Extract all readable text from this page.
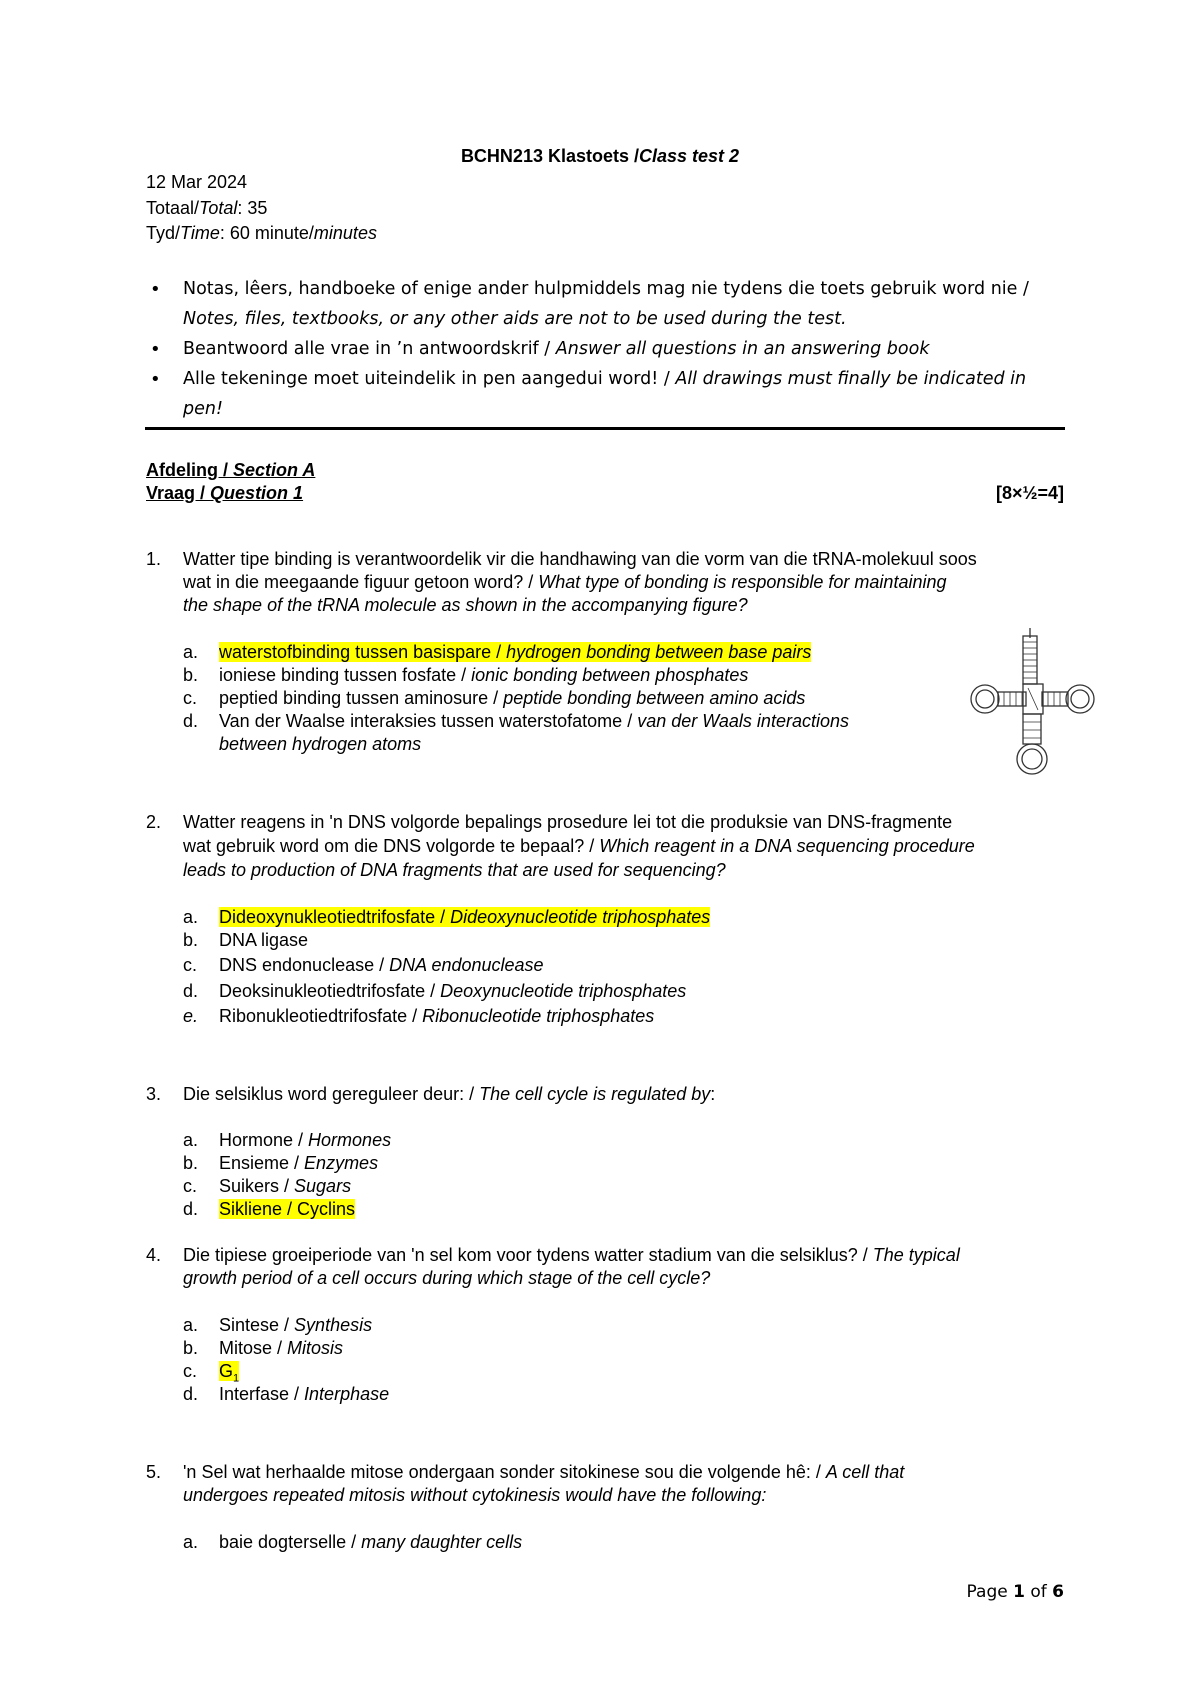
BCHN213 Klastoets /Class test 2
12 Mar 2024
Totaal/Total: 35
Tyd/Time: 60 minute/minutes
• Notas, lêers, handboeke of enige ander hulpmiddels mag nie tydens die toets gebruik word nie /
Notes, files, textbooks, or any other aids are not to be used during the test.
• Beantwoord alle vrae in ’n antwoordskrif / Answer all questions in an answering book
• Alle tekeninge moet uiteindelik in pen aangedui word! / All drawings must finally be indicated in
pen!
Afdeling / Section A
Vraag / Question 1	[8×½=4]
1. Watter tipe binding is verantwoordelik vir die handhawing van die vorm van die tRNA-molekuul soos
wat in die meegaande figuur getoon word? / What type of bonding is responsible for maintaining
the shape of the tRNA molecule as shown in the accompanying figure?
a. waterstofbinding tussen basispare / hydrogen bonding between base pairs
b. ioniese binding tussen fosfate / ionic bonding between phosphates
c. peptied binding tussen aminosure / peptide bonding between amino acids
d. Van der Waalse interaksies tussen waterstofatome / van der Waals interactions
between hydrogen atoms
2. Watter reagens in 'n DNS volgorde bepalings prosedure lei tot die produksie van DNS-fragmente
wat gebruik word om die DNS volgorde te bepaal? / Which reagent in a DNA sequencing procedure
leads to production of DNA fragments that are used for sequencing?
a. Dideoxynukleotiedtrifosfate / Dideoxynucleotide triphosphates
b. DNA ligase
c. DNS endonuclease / DNA endonuclease
d. Deoksinukleotiedtrifosfate / Deoxynucleotide triphosphates
e. Ribonukleotiedtrifosfate / Ribonucleotide triphosphates
3. Die selsiklus word gereguleer deur: / The cell cycle is regulated by:
a. Hormone / Hormones
b. Ensieme / Enzymes
c. Suikers / Sugars
d. Sikliene / Cyclins
4. Die tipiese groeiperiode van 'n sel kom voor tydens watter stadium van die selsiklus? / The typical
growth period of a cell occurs during which stage of the cell cycle?
a. Sintese / Synthesis
b. Mitose / Mitosis
c. $G_1$
d. Interfase / Interphase
5. 'n Sel wat herhaalde mitose ondergaan sonder sitokinese sou die volgende hê: / A cell that
undergoes repeated mitosis without cytokinesis would have the following:
a. baie dogterselle / many daughter cells
Page 1 of 6
